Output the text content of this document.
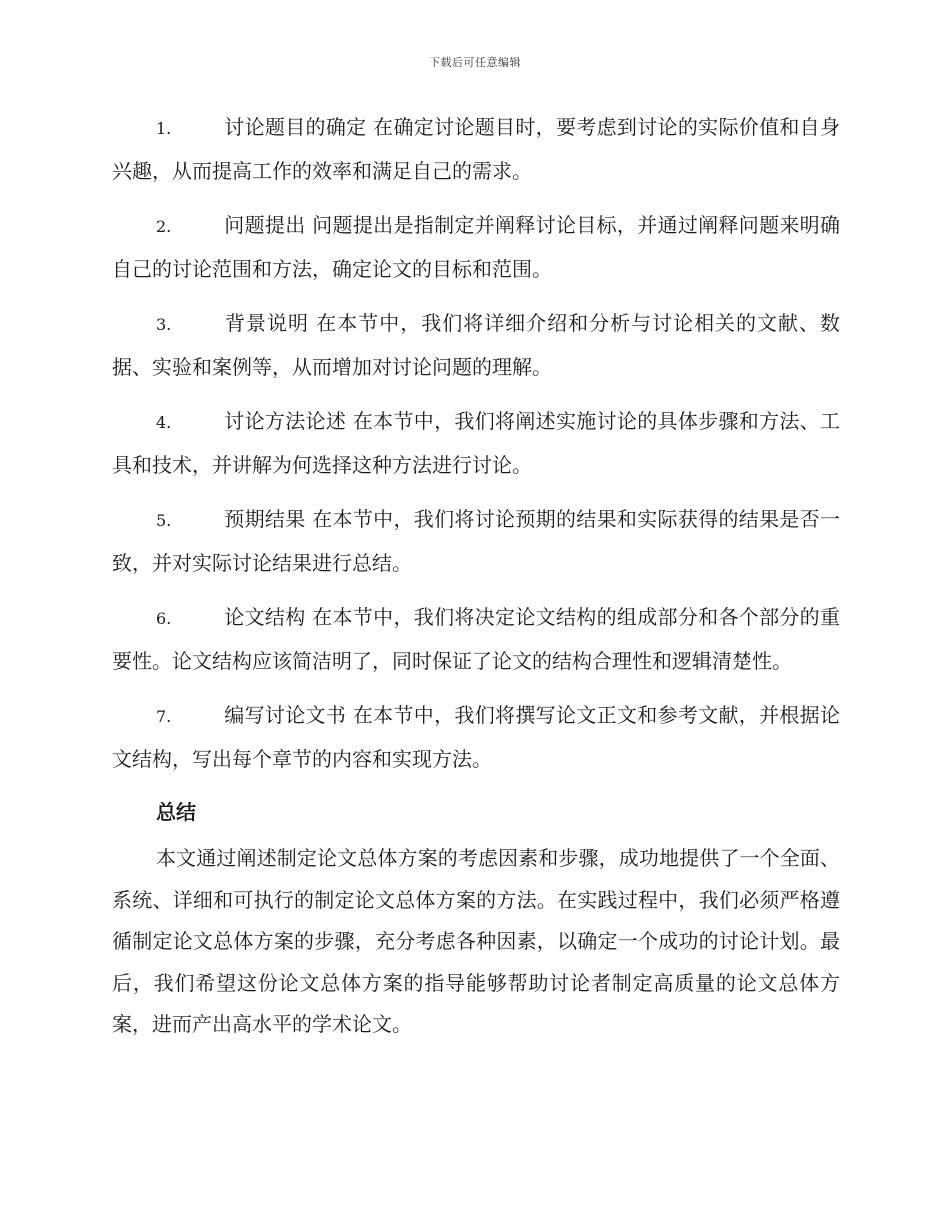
下载后可任意编辑

1.	讨论题目的确定 在确定讨论题目时，要考虑到讨论的实际价值和自身兴趣，从而提高工作的效率和满足自己的需求。

2.	问题提出 问题提出是指制定并阐释讨论目标，并通过阐释问题来明确自己的讨论范围和方法，确定论文的目标和范围。

3.	背景说明 在本节中，我们将详细介绍和分析与讨论相关的文献、数据、实验和案例等，从而增加对讨论问题的理解。

4.	讨论方法论述 在本节中，我们将阐述实施讨论的具体步骤和方法、工具和技术，并讲解为何选择这种方法进行讨论。

5.	预期结果 在本节中，我们将讨论预期的结果和实际获得的结果是否一致，并对实际讨论结果进行总结。

6.	论文结构 在本节中，我们将决定论文结构的组成部分和各个部分的重要性。论文结构应该简洁明了，同时保证了论文的结构合理性和逻辑清楚性。

7.	编写讨论文书 在本节中，我们将撰写论文正文和参考文献，并根据论文结构，写出每个章节的内容和实现方法。

总结

本文通过阐述制定论文总体方案的考虑因素和步骤，成功地提供了一个全面、系统、详细和可执行的制定论文总体方案的方法。在实践过程中，我们必须严格遵循制定论文总体方案的步骤，充分考虑各种因素，以确定一个成功的讨论计划。最后，我们希望这份论文总体方案的指导能够帮助讨论者制定高质量的论文总体方案，进而产出高水平的学术论文。
